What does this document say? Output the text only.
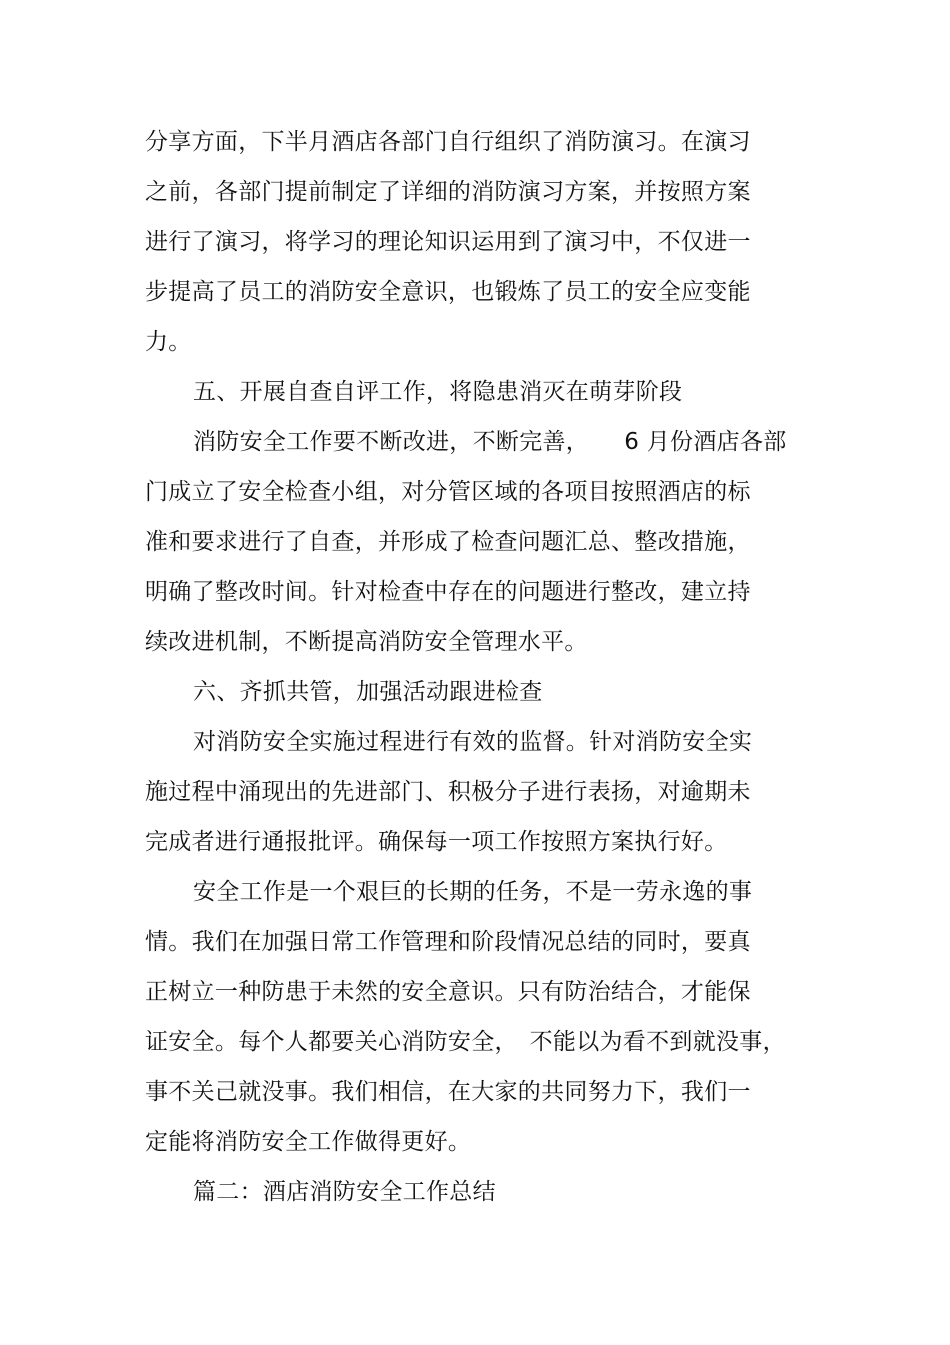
分享方面，下半月酒店各部门自行组织了消防演习。在演习
之前，各部门提前制定了详细的消防演习方案，并按照方案
进行了演习，将学习的理论知识运用到了演习中，不仅进一
步提高了员工的消防安全意识，也锻炼了员工的安全应变能
力。
五、开展自查自评工作，将隐患消灭在萌芽阶段
消防安全工作要不断改进，不断完善，　　6 月份酒店各部
门成立了安全检查小组，对分管区域的各项目按照酒店的标
准和要求进行了自查，并形成了检查问题汇总、整改措施，
明确了整改时间。针对检查中存在的问题进行整改，建立持
续改进机制，不断提高消防安全管理水平。
六、齐抓共管，加强活动跟进检查
对消防安全实施过程进行有效的监督。针对消防安全实
施过程中涌现出的先进部门、积极分子进行表扬，对逾期未
完成者进行通报批评。确保每一项工作按照方案执行好。
安全工作是一个艰巨的长期的任务，不是一劳永逸的事
情。我们在加强日常工作管理和阶段情况总结的同时，要真
正树立一种防患于未然的安全意识。只有防治结合，才能保
证安全。每个人都要关心消防安全，　不能以为看不到就没事，
事不关己就没事。我们相信，在大家的共同努力下，我们一
定能将消防安全工作做得更好。
篇二：酒店消防安全工作总结
